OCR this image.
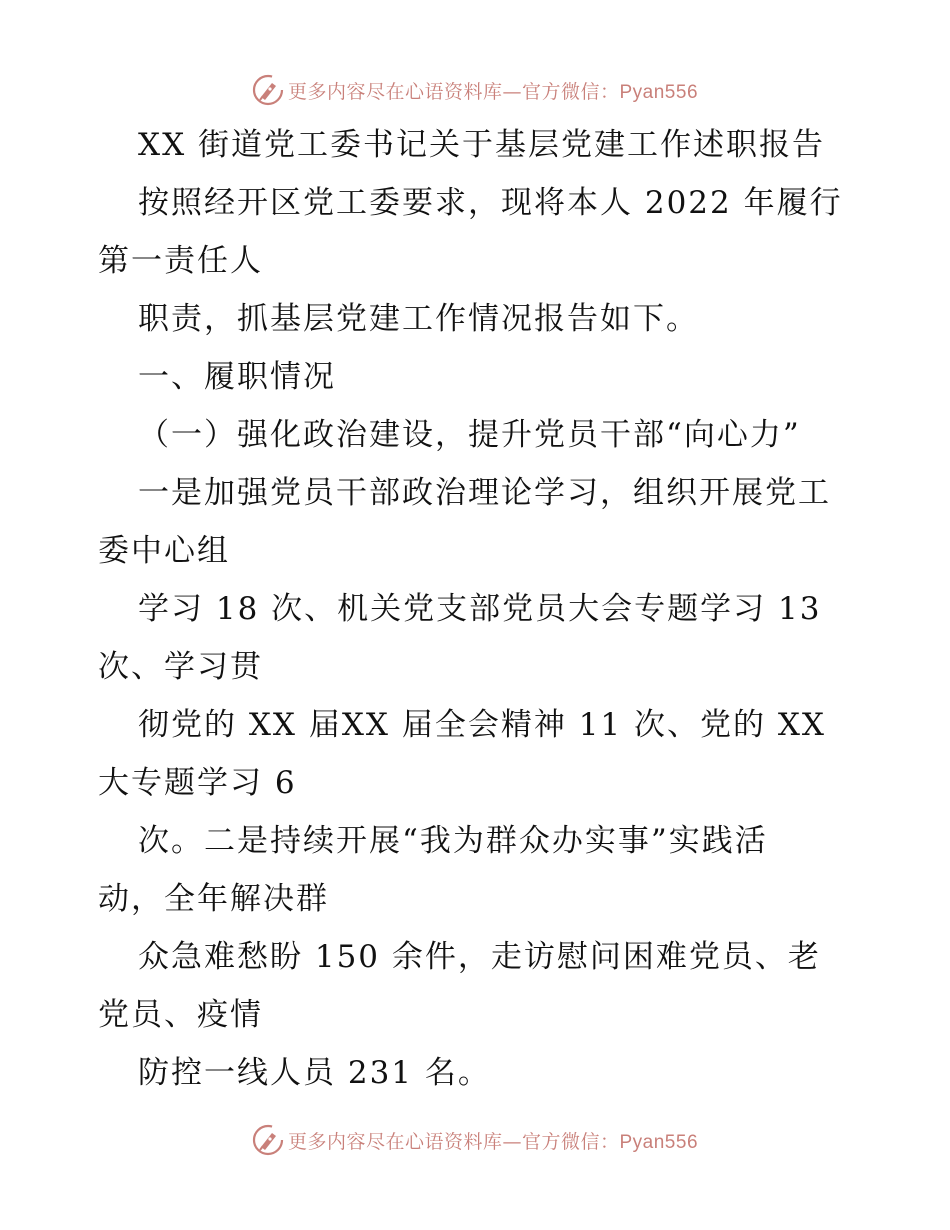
更多内容尽在心语资料库—官方微信：Pyan556
XX 街道党工委书记关于基层党建工作述职报告
按照经开区党工委要求，现将本人 2022 年履行
第一责任人
职责，抓基层党建工作情况报告如下。
一、履职情况
（一）强化政治建设，提升党员干部“向心力”
一是加强党员干部政治理论学习，组织开展党工
委中心组
学习 18 次、机关党支部党员大会专题学习 13
次、学习贯
彻党的 XX 届XX 届全会精神 11 次、党的 XX
大专题学习 6
次。二是持续开展“我为群众办实事”实践活
动，全年解决群
众急难愁盼 150 余件，走访慰问困难党员、老
党员、疫情
防控一线人员 231 名。
更多内容尽在心语资料库—官方微信：Pyan556
